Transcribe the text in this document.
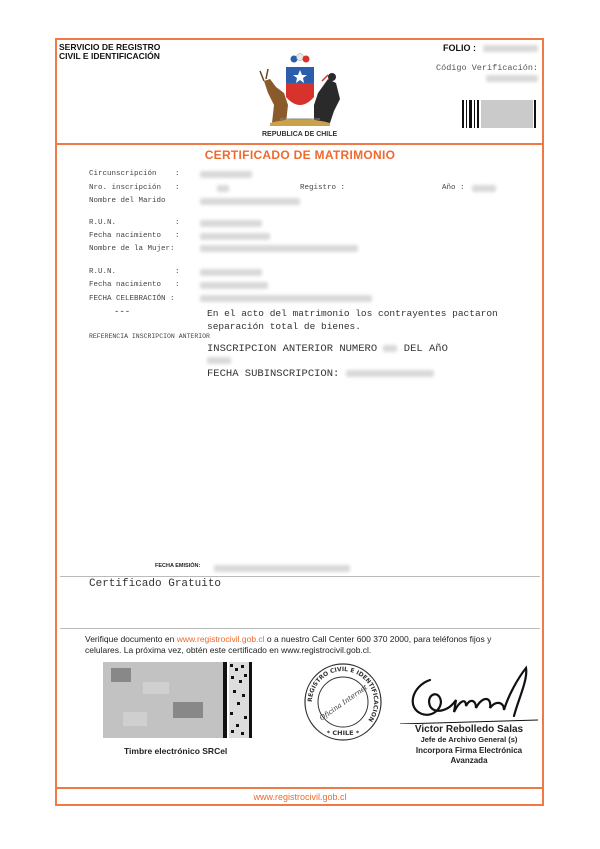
SERVICIO DE REGISTRO
CIVIL E IDENTIFICACIÓN
FOLIO :
Código Verificación:
REPUBLICA DE CHILE
CERTIFICADO DE MATRIMONIO
Circunscripción :
Nro. inscripción :	Registro :	Año :
Nombre del Marido
R.U.N.	:
Fecha nacimiento :
Nombre de la Mujer:
R.U.N.	:
Fecha nacimiento :
FECHA CELEBRACIÓN :
---	En el acto del matrimonio los contrayentes pactaron
separación total de bienes.
REFERENCIA INSCRIPCION ANTERIOR
INSCRIPCION ANTERIOR NUMERO	DEL AñO
FECHA SUBINSCRIPCION:
FECHA EMISIÓN:
Certificado Gratuito
Verifique documento en www.registrocivil.gob.cl o a nuestro Call Center 600 370 2000, para teléfonos fijos y
celulares. La próxima vez, obtén este certificado en www.registrocivil.gob.cl.
Timbre electrónico SRCel
REGISTRO CIVIL E IDENTIFICACION
Oficina Internet
* CHILE *	Victor Rebolledo Salas
Jefe de Archivo General (s)
Incorpora Firma Electrónica
Avanzada
www.registrocivil.gob.cl
